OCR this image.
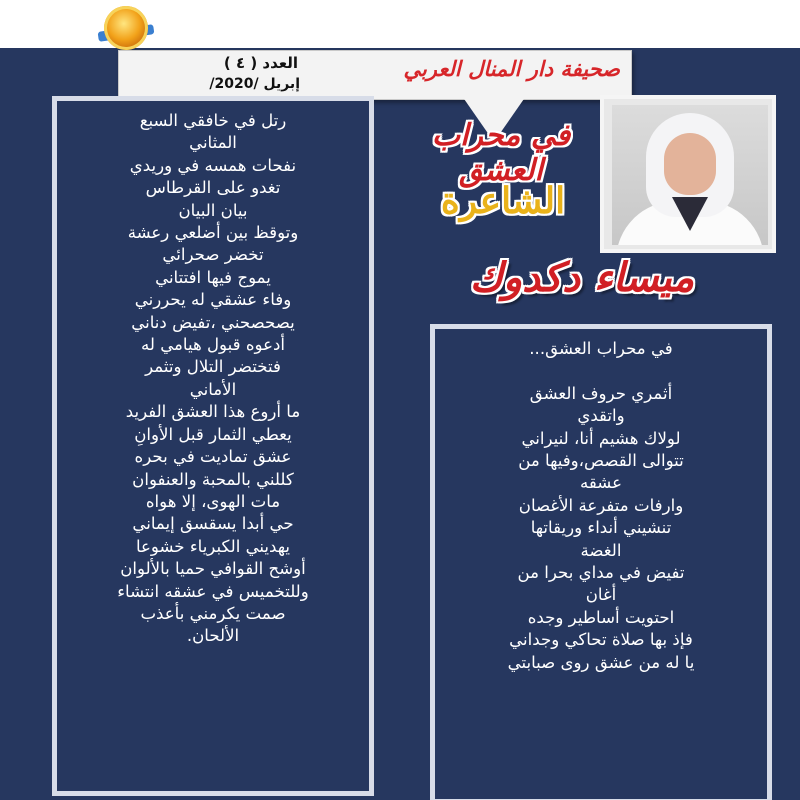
صحيفة دار المنال العربي
العدد ( ٤ )
إبريل /2020/
رتل في خافقي السبع
المثاني
نفحات همسه في وريدي
تغدو على القرطاس
بيان البيان
وتوقظ بين أضلعي رعشة
تخضر صحرائي
يموج فيها افتتاني
وفاء عشقي له يحررني
يصحصحني ،تفيض دناني
أدعوه قبول هيامي له
فتختضر التلال وتثمر
الأماني
ما أروع هذا العشق الفريد
يعطي الثمار قبل الأوانِ
عشق تماديت في بحره
كللني بالمحبة والعنفوان
مات الهوى، إلا هواه
حي أبدا يسقسق إيماني
يهديني الكبرياء خشوعا
أوشح القوافي حميا بالألوان
وللتخميس في عشقه انتشاء
صمت يكرمني بأعذب
الألحان.
في محراب العشق...
أثمري حروف العشق
واتقدي
لولاك هشيم أنا، لنيراني
تتوالى القصص،وفيها من
عشقه
وارفات متفرعة الأغصان
تنشيني أنداء وريقاتها
الغضة
تفيض في مداي بحرا من
أغان
احتويت أساطير وجده
فإذ بها صلاة تحاكي وجداني
يا له من عشق روى صبابتي
في محراب العشق
الشاعرة
ميساء دكدوك
